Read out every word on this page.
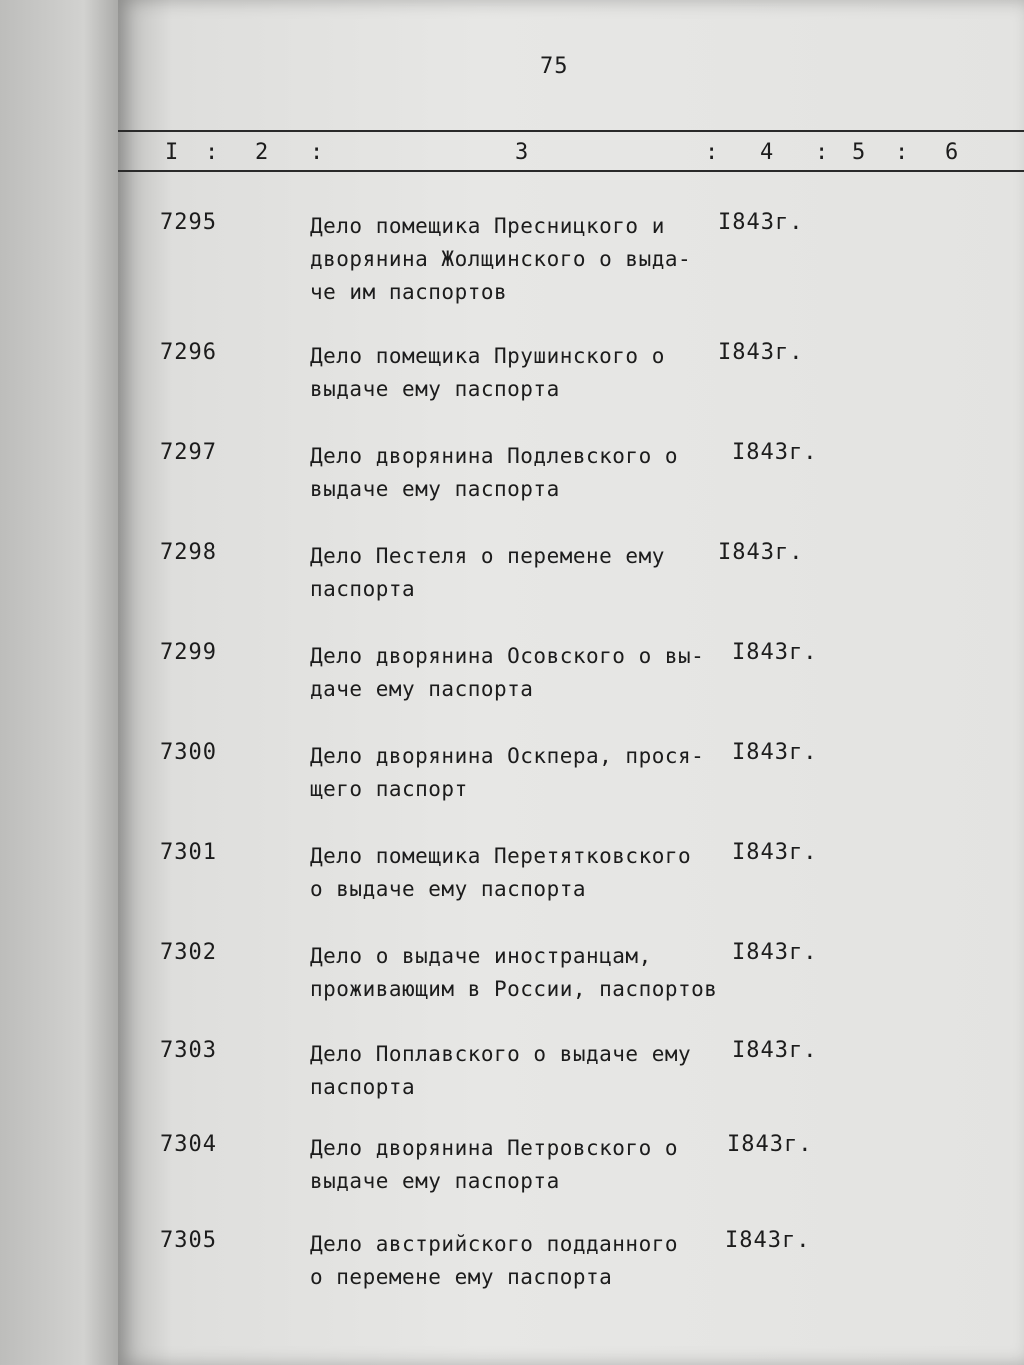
75
I : 2 :	3	: 4 : 5 : 6
7295	Дело помещика Пресницкого и
дворянина Жолщинского о выда-
че им паспортов
I843г.
7296	Дело помещика Прушинского о
выдаче ему паспорта
I843г.
7297	Дело дворянина Подлевского о
выдаче ему паспорта
I843г.
7298	Дело Пестеля о перемене ему
паспорта
I843г.
7299	Дело дворянина Осовского о вы-
даче ему паспорта
I843г.
7300	Дело дворянина Оскпера, прося-
щего паспорт
I843г.
7301	Дело помещика Перетятковского
о выдаче ему паспорта
I843г.
7302	Дело о выдаче иностранцам,
проживающим в России, паспортов
I843г.
7303	Дело Поплавского о выдаче ему
паспорта
I843г.
7304	Дело дворянина Петровского о
выдаче ему паспорта
I843г.
7305	Дело австрийского подданного
о перемене ему паспорта
I843г.
